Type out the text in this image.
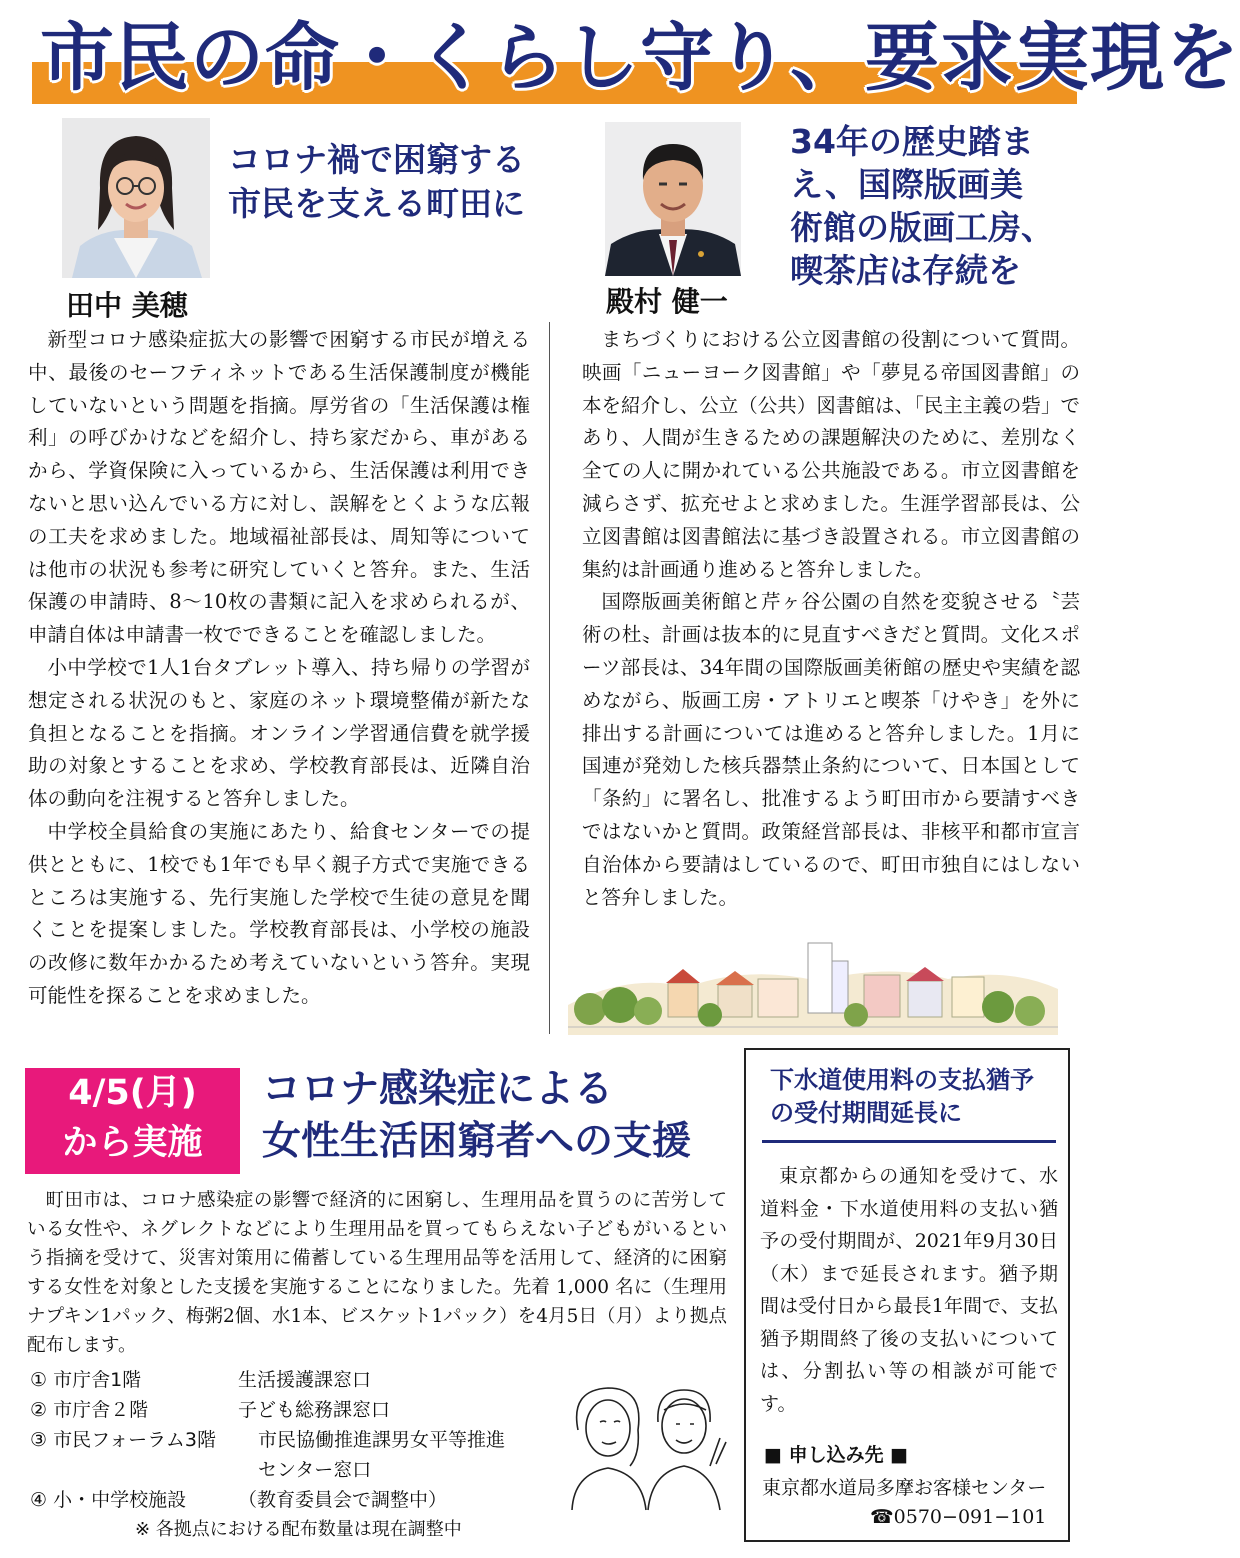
市民の命・くらし守り、要求実現を
田中 美穂
コロナ禍で困窮する
市民を支える町田に
殿村 健一
34年の歴史踏ま
え、国際版画美
術館の版画工房、
喫茶店は存続を

新型コロナ感染症拡大の影響で困窮する市民が増える中、最後のセーフティネットである生活保護制度が機能していないという問題を指摘。厚労省の「生活保護は権利」の呼びかけなどを紹介し、持ち家だから、車があるから、学資保険に入っているから、生活保護は利用できないと思い込んでいる方に対し、誤解をとくような広報の工夫を求めました。地域福祉部長は、周知等については他市の状況も参考に研究していくと答弁。また、生活保護の申請時、8〜10枚の書類に記入を求められるが、申請自体は申請書一枚でできることを確認しました。

小中学校で1人1台タブレット導入、持ち帰りの学習が想定される状況のもと、家庭のネット環境整備が新たな負担となることを指摘。オンライン学習通信費を就学援助の対象とすることを求め、学校教育部長は、近隣自治体の動向を注視すると答弁しました。

中学校全員給食の実施にあたり、給食センターでの提供とともに、1校でも1年でも早く親子方式で実施できるところは実施する、先行実施した学校で生徒の意見を聞くことを提案しました。学校教育部長は、小学校の施設の改修に数年かかるため考えていないという答弁。実現可能性を探ることを求めました。

まちづくりにおける公立図書館の役割について質問。映画「ニューヨーク図書館」や「夢見る帝国図書館」の本を紹介し、公立（公共）図書館は、「民主主義の砦」であり、人間が生きるための課題解決のために、差別なく全ての人に開かれている公共施設である。市立図書館を減らさず、拡充せよと求めました。生涯学習部長は、公立図書館は図書館法に基づき設置される。市立図書館の集約は計画通り進めると答弁しました。

国際版画美術館と芹ヶ谷公園の自然を変貌させる〝芸術の杜〟計画は抜本的に見直すべきだと質問。文化スポーツ部長は、34年間の国際版画美術館の歴史や実績を認めながら、版画工房・アトリエと喫茶「けやき」を外に排出する計画については進めると答弁しました。1月に国連が発効した核兵器禁止条約について、日本国として「条約」に署名し、批准するよう町田市から要請すべきではないかと質問。政策経営部長は、非核平和都市宣言自治体から要請はしているので、町田市独自にはしないと答弁しました。

4/5(月)
から実施
コロナ感染症による
女性生活困窮者への支援

町田市は、コロナ感染症の影響で経済的に困窮し、生理用品を買うのに苦労している女性や、ネグレクトなどにより生理用品を買ってもらえない子どもがいるという指摘を受けて、災害対策用に備蓄している生理用品等を活用して、経済的に困窮する女性を対象とした支援を実施することになりました。先着 1,000 名に（生理用ナプキン1パック、梅粥2個、水1本、ビスケット1パック）を4月5日（月）より拠点配布します。

① 市庁舎1階	生活援護課窓口
② 市庁舎２階	子ども総務課窓口
③ 市民フォーラム3階 市民協働推進課男女平等推進
センター窓口
④ 小・中学校施設	（教育委員会で調整中）
※ 各拠点における配布数量は現在調整中
下水道使用料の支払猶予
の受付期間延長に

東京都からの通知を受けて、水道料金・下水道使用料の支払い猶予の受付期間が、2021年9月30日（木）まで延長されます。猶予期間は受付日から最長1年間で、支払猶予期間終了後の支払いについては、分割払い等の相談が可能です。

■ 申し込み先 ■
東京都水道局多摩お客様センター
☎0570−091−101
